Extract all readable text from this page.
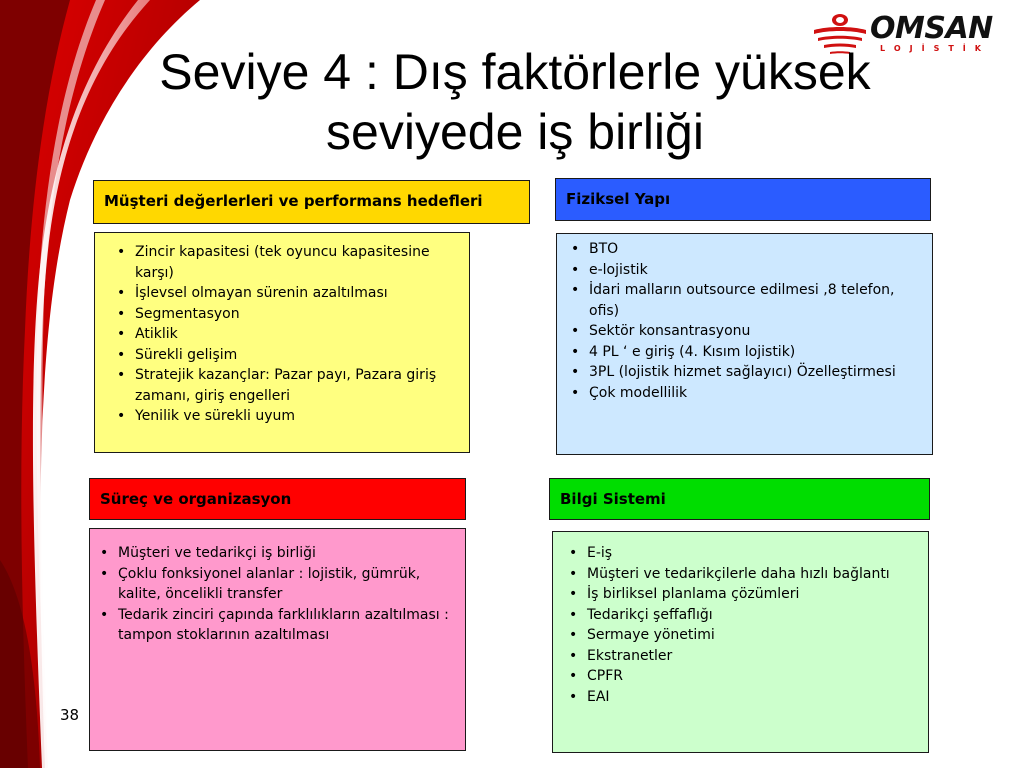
OMSAN
LOJİSTİK
Seviye 4 : Dış faktörlerle yüksek
seviyede iş birliği
Müşteri değerlerleri ve performans hedefleri
• Zincir kapasitesi (tek oyuncu kapasitesine karşı)
• İşlevsel olmayan sürenin azaltılması
• Segmentasyon
• Atiklik
• Sürekli gelişim
• Stratejik kazançlar: Pazar payı, Pazara giriş zamanı, giriş engelleri
• Yenilik ve sürekli uyum
Fiziksel Yapı
• BTO
• e-lojistik
• İdari malların outsource edilmesi ,8 telefon, ofis)
• Sektör konsantrasyonu
• 4 PL ‘ e giriş (4. Kısım lojistik)
• 3PL (lojistik hizmet sağlayıcı) Özelleştirmesi
• Çok modellilik
Süreç ve organizasyon
• Müşteri ve tedarikçi iş birliği
• Çoklu fonksiyonel alanlar : lojistik, gümrük, kalite, öncelikli transfer
• Tedarik zinciri çapında farklılıkların azaltılması : tampon stoklarının azaltılması
Bilgi Sistemi
• E-iş
• Müşteri ve tedarikçilerle daha hızlı bağlantı
• İş birlikseI planlama çözümleri
• Tedarikçi şeffaflığı
• Sermaye yönetimi
• Ekstranetler
• CPFR
• EAI
38
